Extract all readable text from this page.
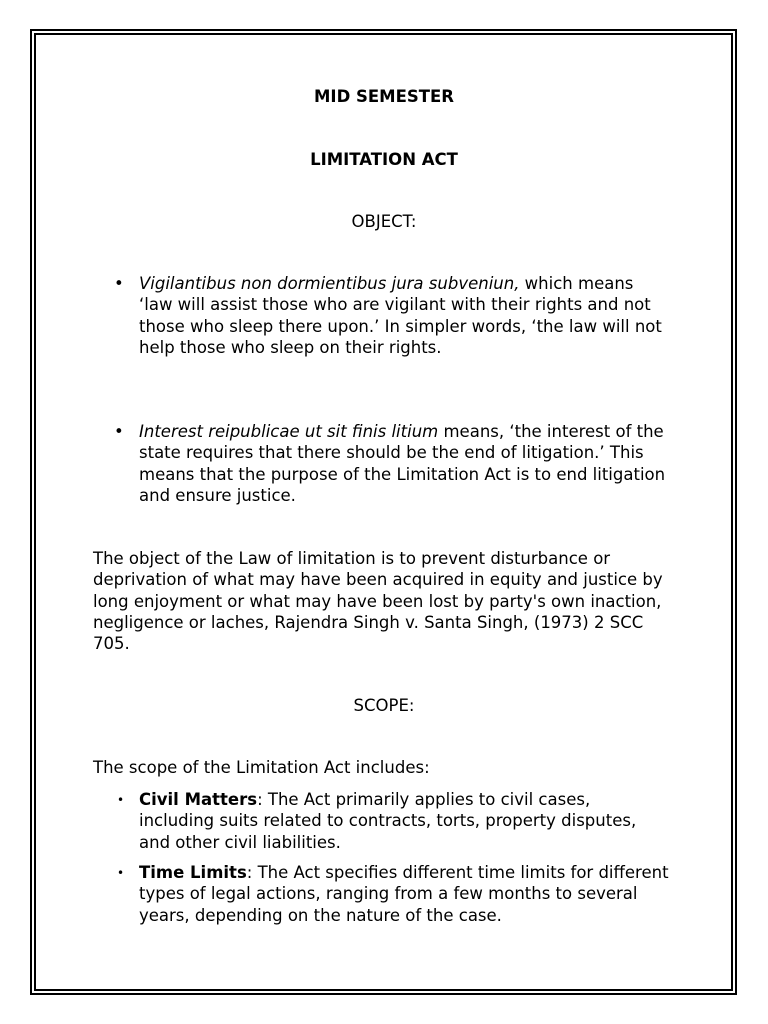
MID SEMESTER
LIMITATION ACT
OBJECT:
• Vigilantibus non dormientibus jura subveniun, which means ‘law will assist those who are vigilant with their rights and not those who sleep there upon.’ In simpler words, ‘the law will not help those who sleep on their rights.
• Interest reipublicae ut sit finis litium means, ‘the interest of the state requires that there should be the end of litigation.’ This means that the purpose of the Limitation Act is to end litigation and ensure justice.
The object of the Law of limitation is to prevent disturbance or deprivation of what may have been acquired in equity and justice by long enjoyment or what may have been lost by party's own inaction, negligence or laches, Rajendra Singh v. Santa Singh, (1973) 2 SCC 705.
SCOPE:
The scope of the Limitation Act includes:
• Civil Matters: The Act primarily applies to civil cases, including suits related to contracts, torts, property disputes, and other civil liabilities.
• Time Limits: The Act specifies different time limits for different types of legal actions, ranging from a few months to several years, depending on the nature of the case.
